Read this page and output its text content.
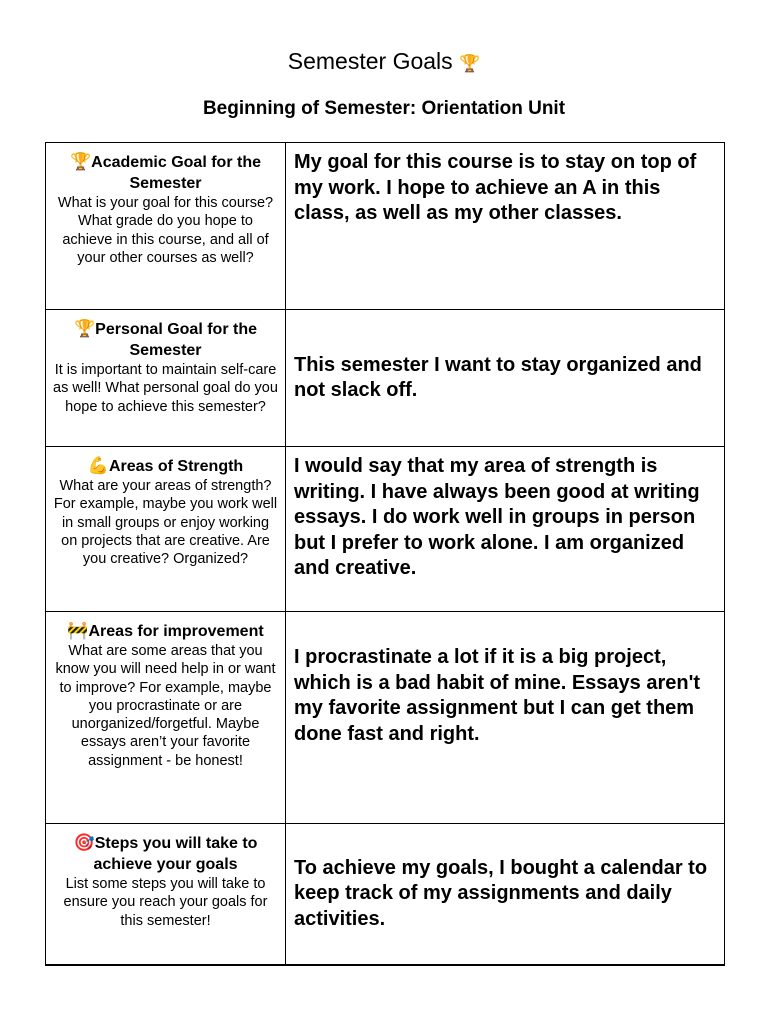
Semester Goals 🏆
Beginning of Semester: Orientation Unit
🏆Academic Goal for the Semester
What is your goal for this course? What grade do you hope to achieve in this course, and all of your other courses as well?	My goal for this course is to stay on top of my work. I hope to achieve an A in this class, as well as my other classes.

🏆Personal Goal for the Semester
It is important to maintain self-care as well! What personal goal do you hope to achieve this semester?	This semester I want to stay organized and not slack off.

💪Areas of Strength
What are your areas of strength? For example, maybe you work well in small groups or enjoy working on projects that are creative. Are you creative? Organized?	I would say that my area of strength is writing. I have always been good at writing essays. I do work well in groups in person but I prefer to work alone. I am organized and creative.

🚧Areas for improvement
What are some areas that you know you will need help in or want to improve? For example, maybe you procrastinate or are unorganized/forgetful. Maybe essays aren’t your favorite assignment - be honest!	I procrastinate a lot if it is a big project, which is a bad habit of mine. Essays aren't my favorite assignment but I can get them done fast and right.

🎯Steps you will take to achieve your goals
List some steps you will take to ensure you reach your goals for this semester!	To achieve my goals, I bought a calendar to keep track of my assignments and daily activities.
